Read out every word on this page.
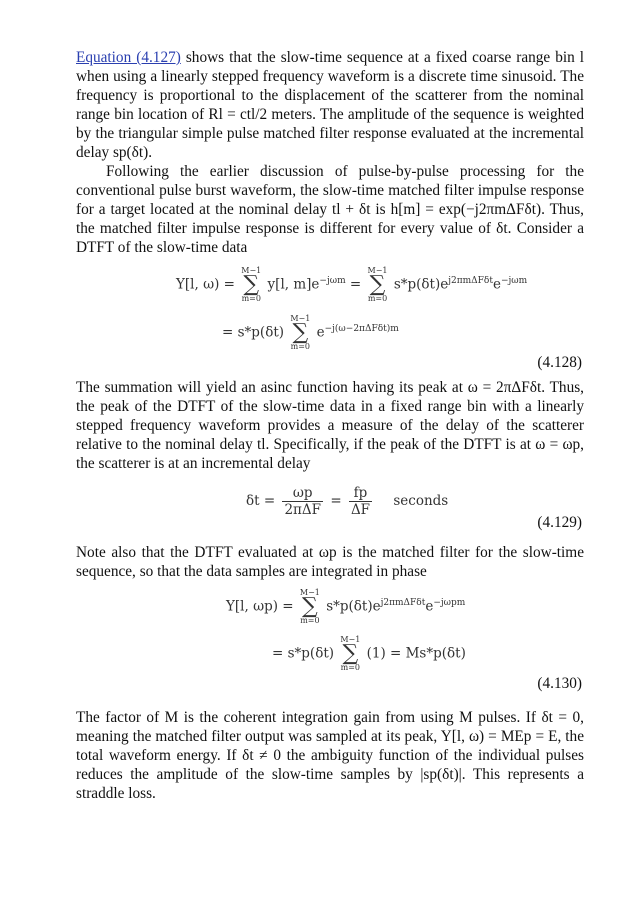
Equation (4.127) shows that the slow-time sequence at a fixed coarse range bin l when using a linearly stepped frequency waveform is a discrete time sinusoid. The frequency is proportional to the displacement of the scatterer from the nominal range bin location of Rl = ctl/2 meters. The amplitude of the sequence is weighted by the triangular simple pulse matched filter response evaluated at the incremental delay sp(δt).

Following the earlier discussion of pulse-by-pulse processing for the conventional pulse burst waveform, the slow-time matched filter impulse response for a target located at the nominal delay tl + δt is h[m] = exp(−j2πmΔFδt). Thus, the matched filter impulse response is different for every value of δt. Consider a DTFT of the slow-time data

Y[l, ω) =
M−1
∑
m=0
y[l, $m]e^{-j\omega m}$ =
M−1
∑
m=0
$s*p(\delta t)e^{j2\pi m\Delta F\delta t}e^{-j\omega m}$
= s*p(δt)
M−1
∑
m=0
$e^{-j(\omega-2\pi\Delta F\delta t)m}$
(4.128)

The summation will yield an asinc function having its peak at ω = 2πΔFδt. Thus, the peak of the DTFT of the slow-time data in a fixed range bin with a linearly stepped frequency waveform provides a measure of the delay of the scatterer relative to the nominal delay tl. Specifically, if the peak of the DTFT is at ω = ωp, the scatterer is at an incremental delay

$\delta t = \frac{\omega p}{\text{2πΔF}} = \frac{fp}{\Delta F}$ seconds
(4.129)

Note also that the DTFT evaluated at ωp is the matched filter for the slow-time sequence, so that the data samples are integrated in phase

Y[l, ωp) =
M−1
∑
m=0
$s*p(\delta t)e^{j2\pi m\Delta F\delta t}e^{-j\omega pm}$
= s*p(δt)
M−1
∑
m=0
(1) = Ms*p(δt)
(4.130)

The factor of M is the coherent integration gain from using M pulses. If δt = 0, meaning the matched filter output was sampled at its peak, Y[l, ω) = MEp = E, the total waveform energy. If δt ≠ 0 the ambiguity function of the individual pulses reduces the amplitude of the slow-time samples by |sp(δt)|. This represents a straddle loss.
